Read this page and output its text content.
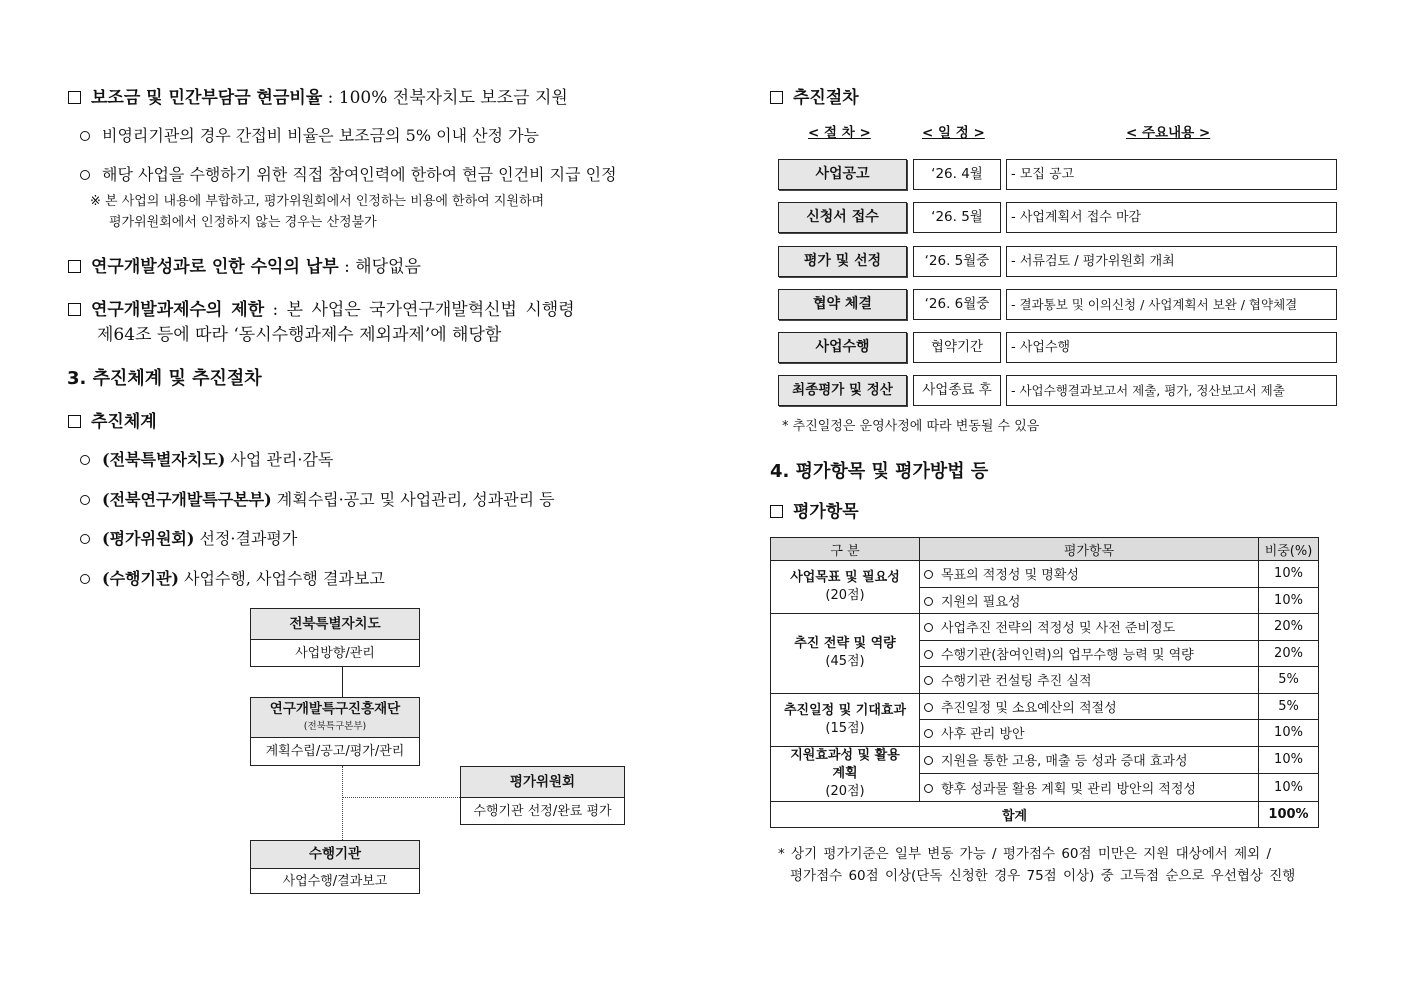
보조금 및 민간부담금 현금비율 : 100% 전북자치도 보조금 지원
비영리기관의 경우 간접비 비율은 보조금의 5% 이내 산정 가능
해당 사업을 수행하기 위한 직접 참여인력에 한하여 현금 인건비 지급 인정
※ 본 사업의 내용에 부합하고, 평가위원회에서 인정하는 비용에 한하여 지원하며
평가위원회에서 인정하지 않는 경우는 산정불가
연구개발성과로 인한 수익의 납부 : 해당없음
연구개발과제수의 제한 : 본 사업은 국가연구개발혁신법 시행령
제64조 등에 따라 ‘동시수행과제수 제외과제’에 해당함
3. 추진체계 및 추진절차
추진체계
(전북특별자치도) 사업 관리·감독
(전북연구개발특구본부) 계획수립·공고 및 사업관리, 성과관리 등
(평가위원회) 선정·결과평가
(수행기관) 사업수행, 사업수행 결과보고
전북특별자치도
사업방향/관리
연구개발특구진흥재단
(전북특구본부)
계획수립/공고/평가/관리
평가위원회
수행기관 선정/완료 평가
수행기관
사업수행/결과보고
추진절차
< 절 차 >	< 일 정 >	< 주요내용 >
사업공고	‘26. 4월	- 모집 공고
신청서 접수	‘26. 5월	- 사업계획서 접수 마감
평가 및 선정	‘26. 5월중	- 서류검토 / 평가위원회 개최
협약 체결	‘26. 6월중	- 결과통보 및 이의신청 / 사업계획서 보완 / 협약체결
사업수행	협약기간	- 사업수행
최종평가 및 정산	사업종료 후	- 사업수행결과보고서 제출, 평가, 정산보고서 제출
* 추진일정은 운영사정에 따라 변동될 수 있음
4. 평가항목 및 평가방법 등
평가항목
구 분	평가항목	비중(%)

사업목표 및 필요성
(20점)	목표의 적정성 및 명확성	10%
	지원의 필요성	10%

추진 전략 및 역량
(45점)	사업추진 전략의 적정성 및 사전 준비정도	20%
	수행기관(참여인력)의 업무수행 능력 및 역량	20%
	수행기관 컨설팅 추진 실적	5%

추진일정 및 기대효과
(15점)	추진일정 및 소요예산의 적절성	5%
	사후 관리 방안	10%

지원효과성 및 활용계획
(20점)	지원을 통한 고용, 매출 등 성과 증대 효과성	10%
	향후 성과물 활용 계획 및 관리 방안의 적정성	10%
합계		100%
* 상기 평가기준은 일부 변동 가능 / 평가점수 60점 미만은 지원 대상에서 제외 /
평가점수 60점 이상(단독 신청한 경우 75점 이상) 중 고득점 순으로 우선협상 진행
